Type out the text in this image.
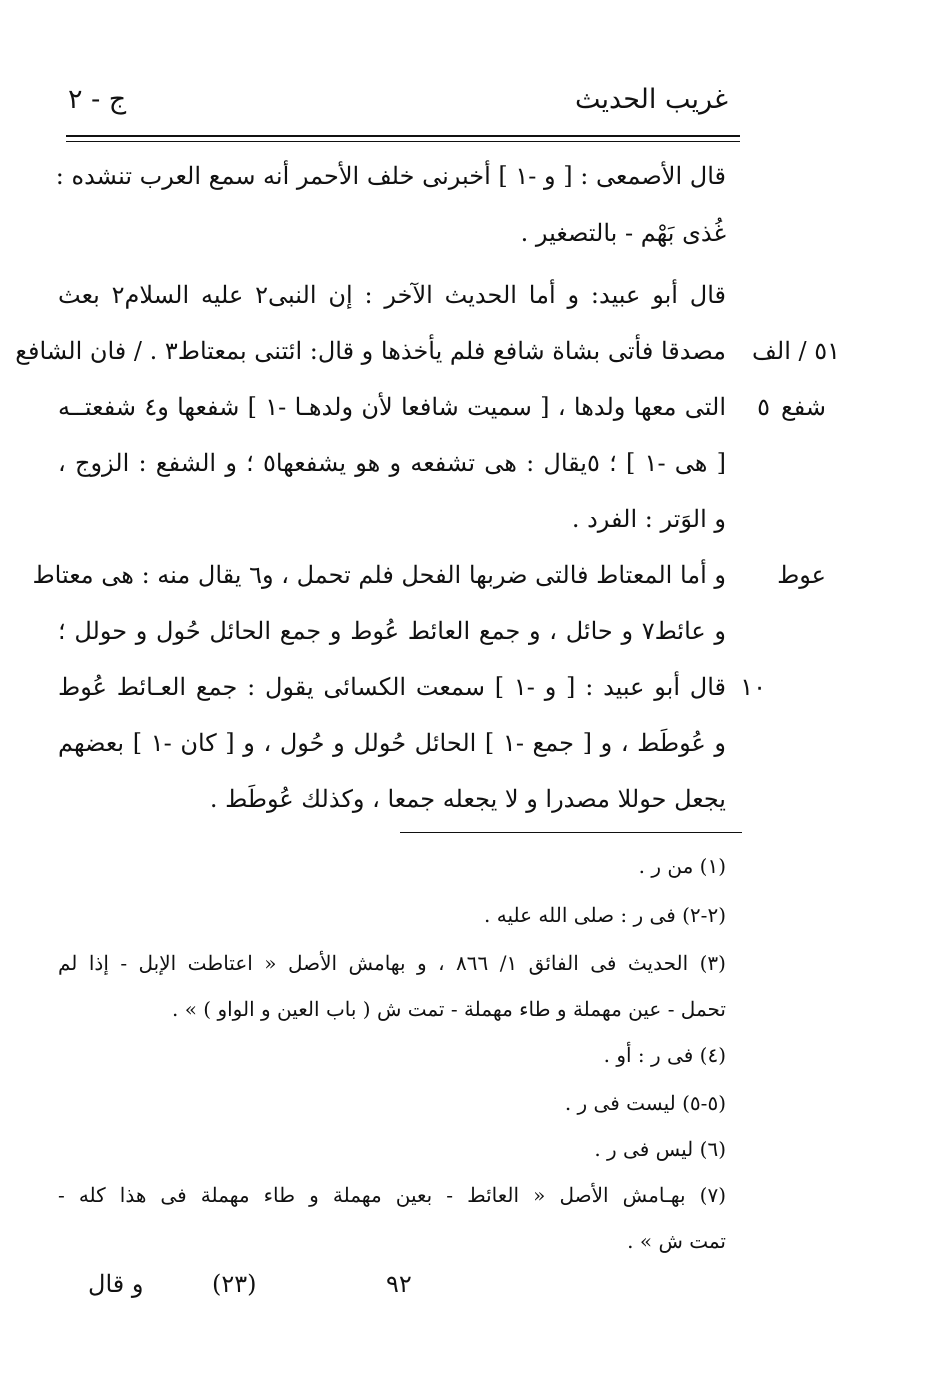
غريب الحديث
ج - ٢
قال الأصمعى : [ و -١ ] أخبرنى خلف الأحمر أنه سمع العرب تنشده :
غُذى بَهْم - بالتصغير .
قال أبو عبيد: و أما الحديث الآخر : إن النبى٢ عليه السلام٢ بعث
مصدقا فأتى بشاة شافع فلم يأخذها و قال: ائتنى بمعتاط٣ . / فان الشافع
التى معها ولدها ، [ سميت شافعا لأن ولدهـا -١ ] شفعها و٤ شفعتــه
[ هى -١ ] ؛ ٥يقال : هى تشفعه و هو يشفعها٥ ؛ و الشفع : الزوج ،
و الوَتر : الفرد .
و أما المعتاط فالتى ضربها الفحل فلم تحمل ، و٦ يقال منه : هى معتاط
و عائط٧ و حائل ، و جمع العائط عُوط و جمع الحائل حُول و حولل ؛
قال أبو عبيد : [ و -١ ] سمعت الكسائى يقول : جمع العـائط عُوط
و عُوطَط ، و [ جمع -١ ] الحائل حُولل و حُول ، و [ كان -١ ] بعضهم
يجعل حوللا مصدرا و لا يجعله جمعا ، وكذلك عُوطَط .
٥١ / الف
شفع
٥
عوط
١٠
(١) من ر .
(٢-٢) فى ر : صلى الله عليه .
(٣) الحديث فى الفائق ١/ ٨٦٦ ، و بهامش الأصل « اعتاطت الإبل - إذا لم
تحمل - عين مهملة و طاء مهملة - تمت ش ( باب العين و الواو ) » .
(٤) فى ر : أو .
(٥-٥) ليست فى ر .
(٦) ليس فى ر .
(٧) بهـامش الأصل « العائط - بعين مهملة و طاء مهملة فى هذا كله -
تمت ش » .
٩٢
(٢٣)
و قال
